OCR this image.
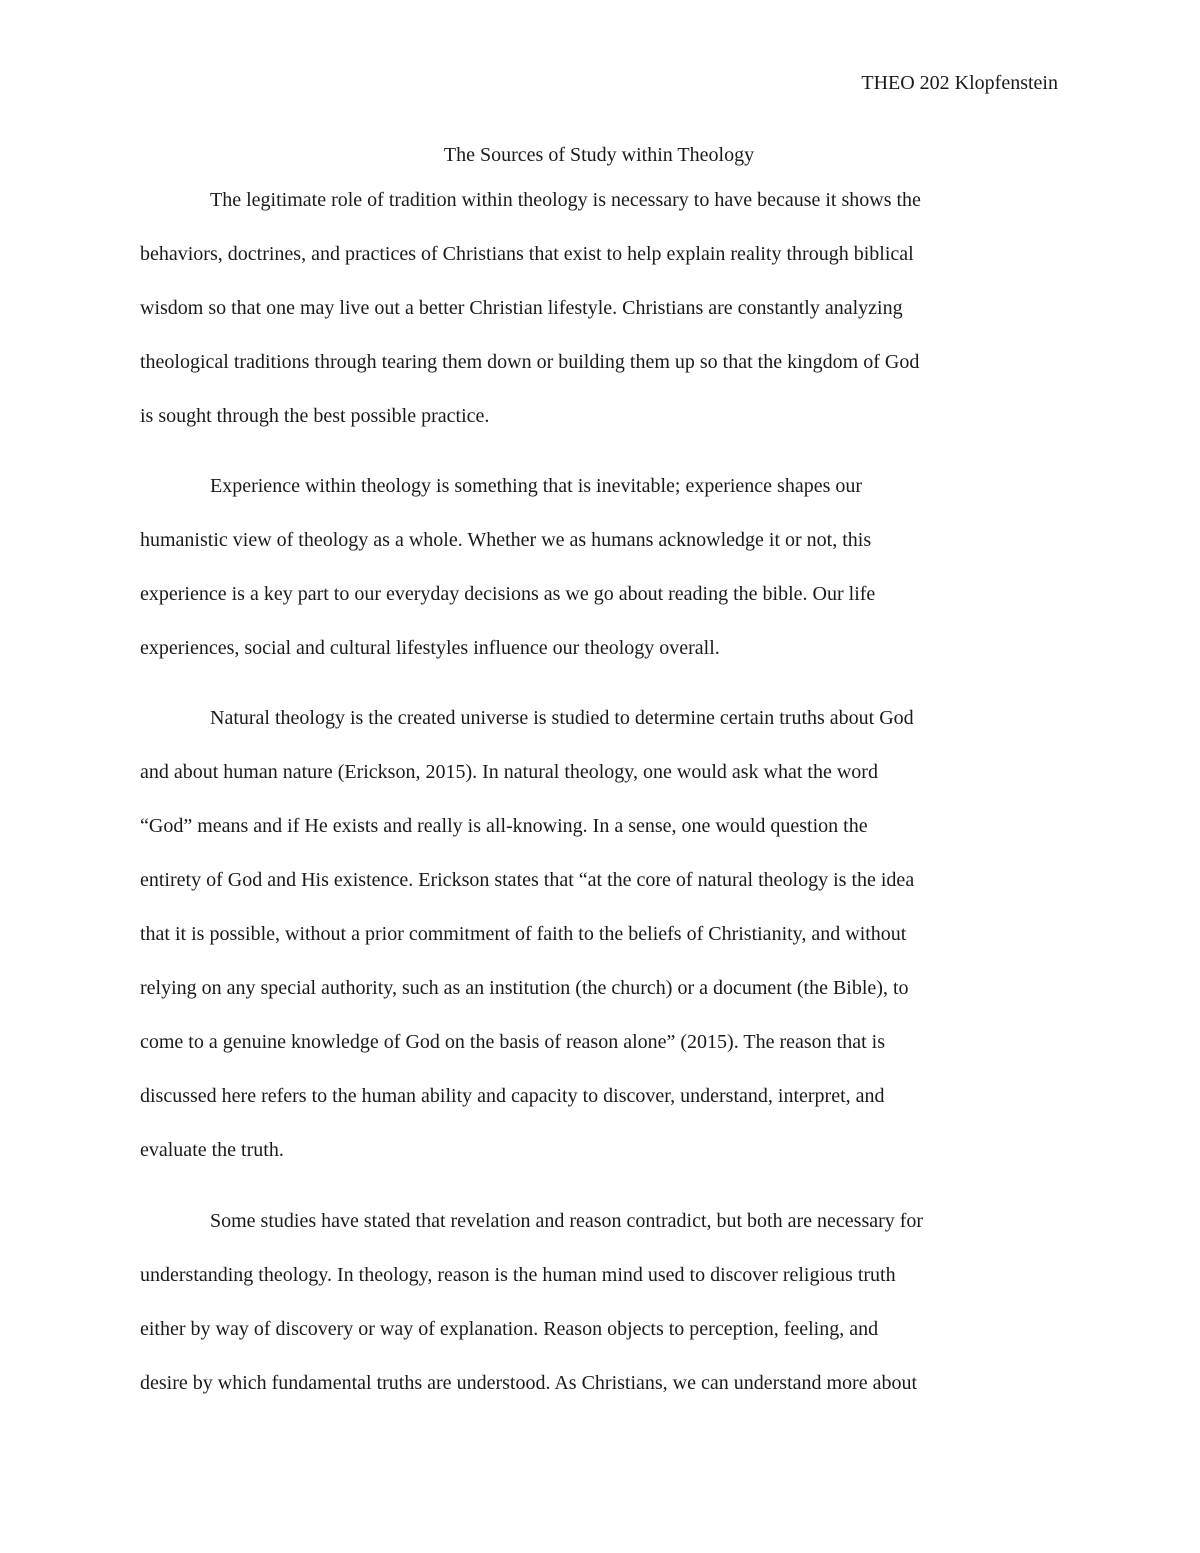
THEO 202 Klopfenstein
The Sources of Study within Theology
The legitimate role of tradition within theology is necessary to have because it shows the
behaviors, doctrines, and practices of Christians that exist to help explain reality through biblical
wisdom so that one may live out a better Christian lifestyle. Christians are constantly analyzing
theological traditions through tearing them down or building them up so that the kingdom of God
is sought through the best possible practice.
Experience within theology is something that is inevitable; experience shapes our
humanistic view of theology as a whole. Whether we as humans acknowledge it or not, this
experience is a key part to our everyday decisions as we go about reading the bible. Our life
experiences, social and cultural lifestyles influence our theology overall.
Natural theology is the created universe is studied to determine certain truths about God
and about human nature (Erickson, 2015). In natural theology, one would ask what the word
“God” means and if He exists and really is all-knowing. In a sense, one would question the
entirety of God and His existence. Erickson states that “at the core of natural theology is the idea
that it is possible, without a prior commitment of faith to the beliefs of Christianity, and without
relying on any special authority, such as an institution (the church) or a document (the Bible), to
come to a genuine knowledge of God on the basis of reason alone” (2015). The reason that is
discussed here refers to the human ability and capacity to discover, understand, interpret, and
evaluate the truth.
Some studies have stated that revelation and reason contradict, but both are necessary for
understanding theology. In theology, reason is the human mind used to discover religious truth
either by way of discovery or way of explanation. Reason objects to perception, feeling, and
desire by which fundamental truths are understood. As Christians, we can understand more about
